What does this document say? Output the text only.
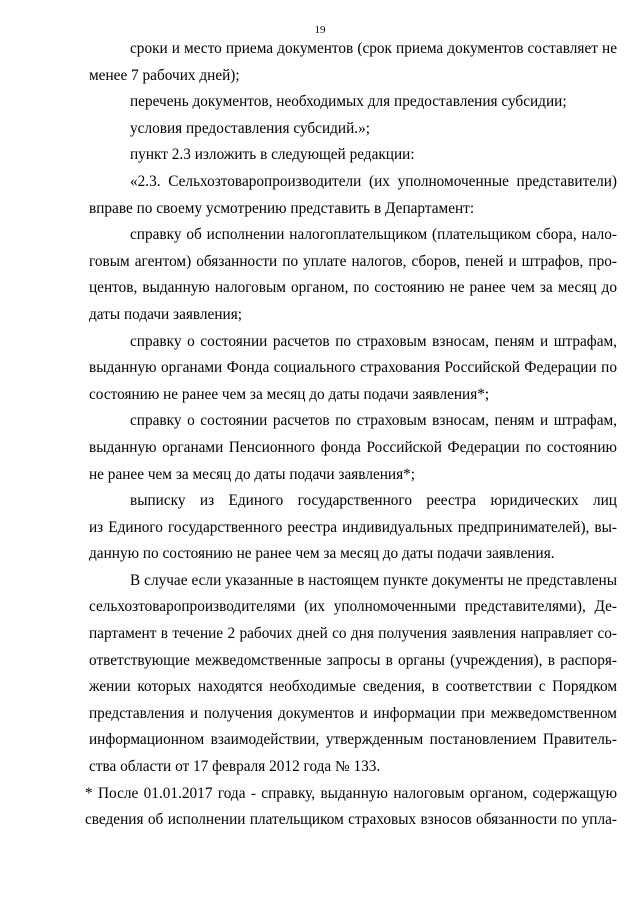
19
сроки и место приема документов (срок приема документов составляет не
менее 7 рабочих дней);
перечень документов, необходимых для предоставления субсидии;
условия предоставления субсидий.»;
пункт 2.3 изложить в следующей редакции:
«2.3. Сельхозтоваропроизводители (их уполномоченные представители)
вправе по своему усмотрению представить в Департамент:
справку об исполнении налогоплательщиком (плательщиком сбора, нало-
говым агентом) обязанности по уплате налогов, сборов, пеней и штрафов, про-
центов, выданную налоговым органом, по состоянию не ранее чем за месяц до
даты подачи заявления;
справку о состоянии расчетов по страховым взносам, пеням и штрафам,
выданную органами Фонда социального страхования Российской Федерации по
состоянию не ранее чем за месяц до даты подачи заявления*;
справку о состоянии расчетов по страховым взносам, пеням и штрафам,
выданную органами Пенсионного фонда Российской Федерации по состоянию
не ранее чем за месяц до даты подачи заявления*;
выписку из Единого государственного реестра юридических лиц
из Единого государственного реестра индивидуальных предпринимателей), вы-
данную по состоянию не ранее чем за месяц до даты подачи заявления.
В случае если указанные в настоящем пункте документы не представлены
сельхозтоваропроизводителями (их уполномоченными представителями), Де-
партамент в течение 2 рабочих дней со дня получения заявления направляет со-
ответствующие межведомственные запросы в органы (учреждения), в распоря-
жении которых находятся необходимые сведения, в соответствии с Порядком
представления и получения документов и информации при межведомственном
информационном взаимодействии, утвержденным постановлением Правитель-
ства области от 17 февраля 2012 года № 133.
* После 01.01.2017 года - справку, выданную налоговым органом, содержащую
сведения об исполнении плательщиком страховых взносов обязанности по упла-
